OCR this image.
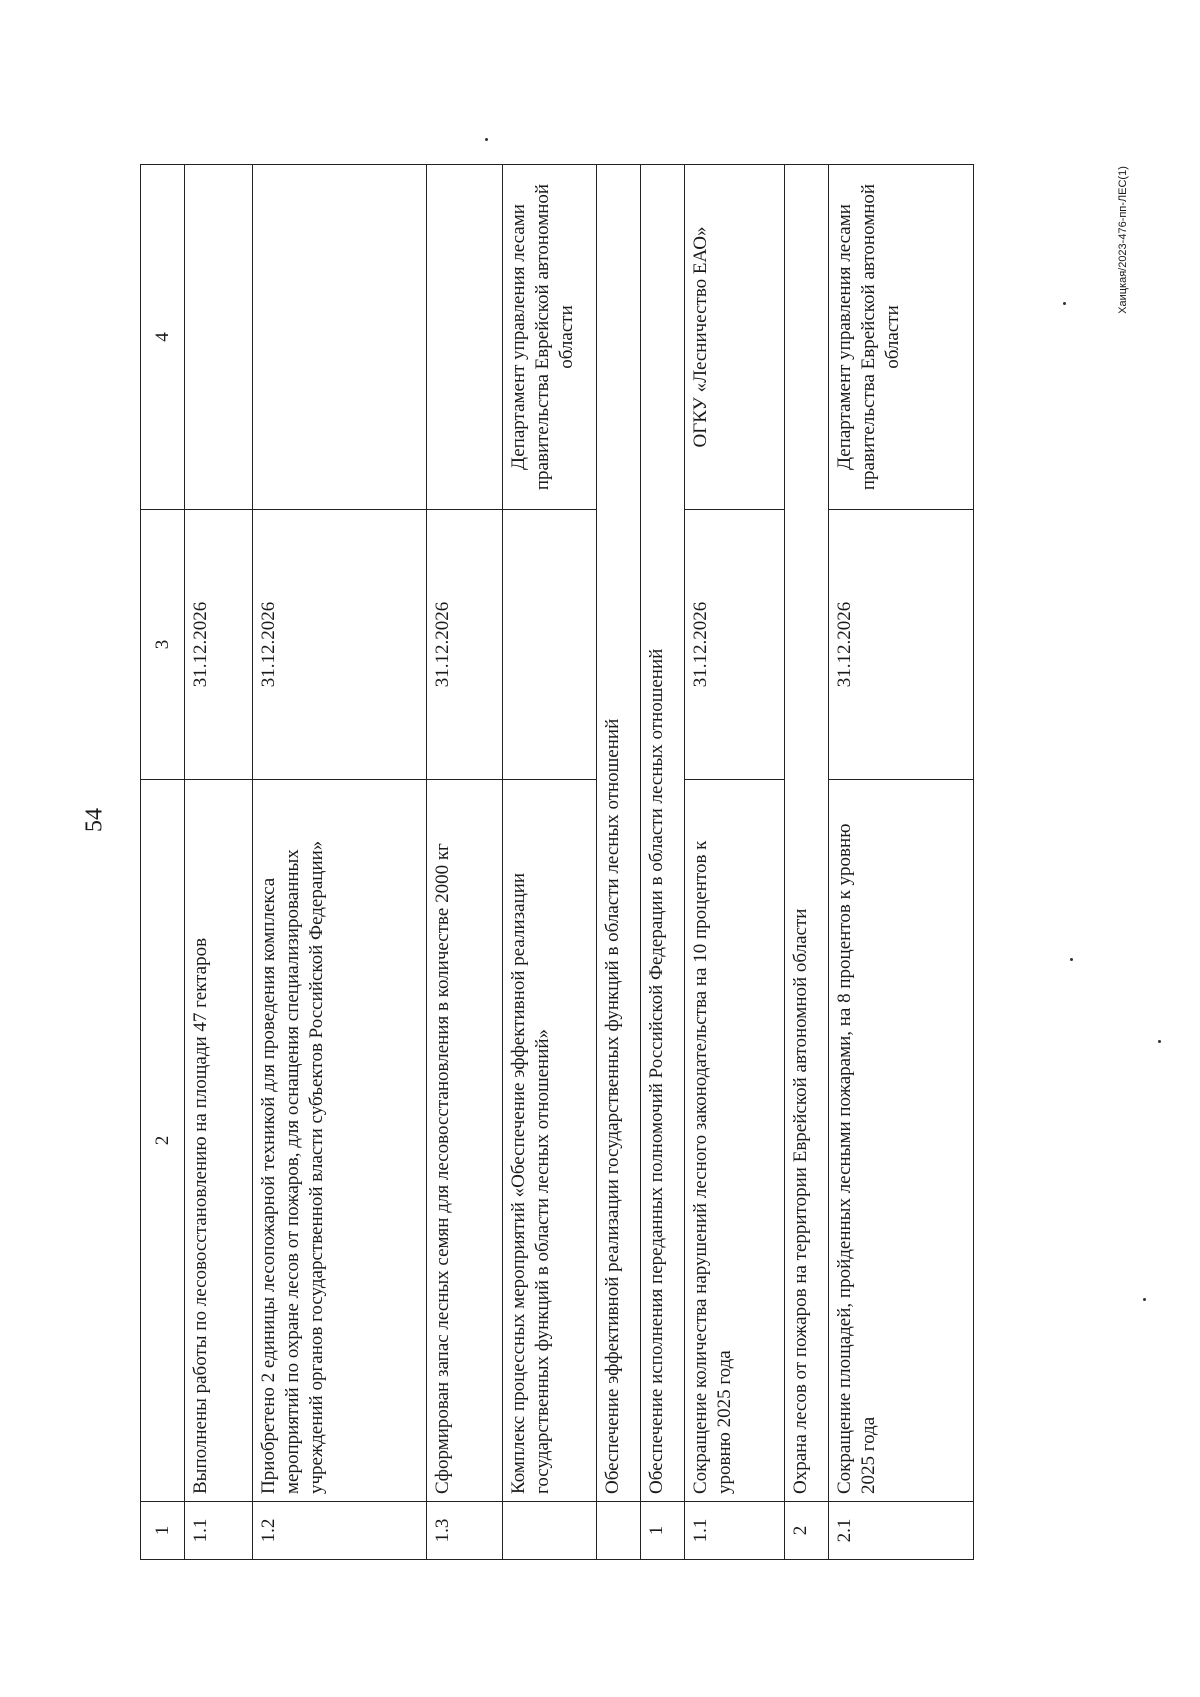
54
Хаицкая/2023-476-пп-ЛЕС(1)
1	2	3	4
1.1	Выполнены работы по лесовосстановлению на площади 47 гектаров	31.12.2026	
1.2	Приобретено 2 единицы лесопожарной техникой для проведения комплекса мероприятий по охране лесов от пожаров, для оснащения специализированных учреждений органов государственной власти субъектов Российской Федерации»	31.12.2026	
1.3	Сформирован запас лесных семян для лесовосстановления в количестве 2000 кг	31.12.2026	
	Комплекс процессных мероприятий «Обеспечение эффективной реализации государственных функций в области лесных отношений»		Департамент управления лесами правительства Еврейской автономной области
	Обеспечение эффективной реализации государственных функций в области лесных отношений		
1	Обеспечение исполнения переданных полномочий Российской Федерации в области лесных отношений		
1.1	Сокращение количества нарушений лесного законодательства на 10 процентов к уровню 2025 года	31.12.2026	ОГКУ «Лесничество ЕАО»
2	Охрана лесов от пожаров на территории Еврейской автономной области		
2.1	Сокращение площадей, пройденных лесными пожарами, на 8 процентов к уровню 2025 года	31.12.2026	Департамент управления лесами правительства Еврейской автономной области
